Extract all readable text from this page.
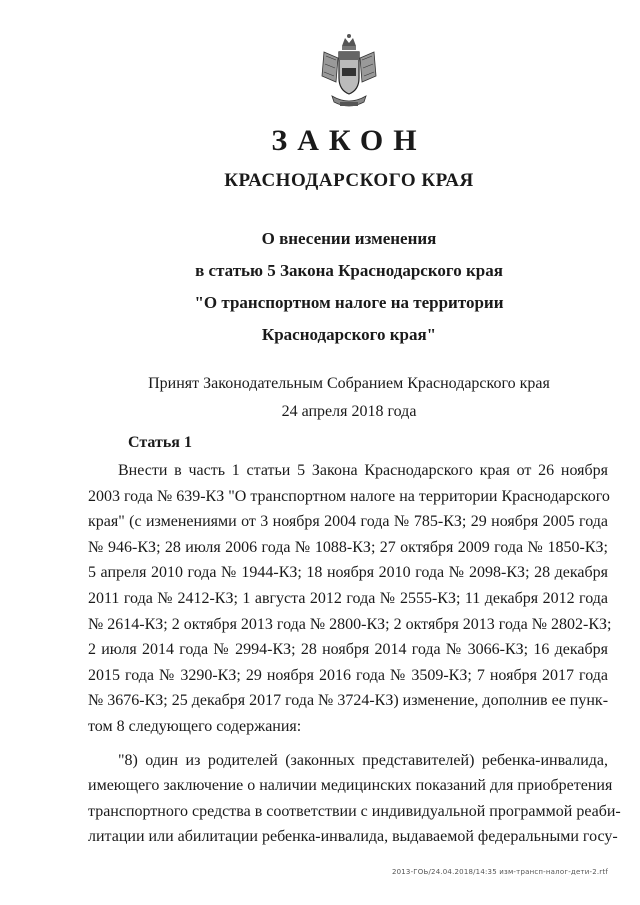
ЗАКОН
КРАСНОДАРСКОГО КРАЯ
О внесении изменения
в статью 5 Закона Краснодарского края
"О транспортном налоге на территории
Краснодарского края"
Принят Законодательным Собранием Краснодарского края
24 апреля 2018 года
Статья 1
Внести в часть 1 статьи 5 Закона Краснодарского края от 26 ноября
2003 года № 639-КЗ "О транспортном налоге на территории Краснодарского
края" (с изменениями от 3 ноября 2004 года № 785-КЗ; 29 ноября 2005 года
№ 946-КЗ; 28 июля 2006 года № 1088-КЗ; 27 октября 2009 года № 1850-КЗ;
5 апреля 2010 года № 1944-КЗ; 18 ноября 2010 года № 2098-КЗ; 28 декабря
2011 года № 2412-КЗ; 1 августа 2012 года № 2555-КЗ; 11 декабря 2012 года
№ 2614-КЗ; 2 октября 2013 года № 2800-КЗ; 2 октября 2013 года № 2802-КЗ;
2 июля 2014 года № 2994-КЗ; 28 ноября 2014 года № 3066-КЗ; 16 декабря
2015 года № 3290-КЗ; 29 ноября 2016 года № 3509-КЗ; 7 ноября 2017 года
№ 3676-КЗ; 25 декабря 2017 года № 3724-КЗ) изменение, дополнив ее пунк-
том 8 следующего содержания:
"8) один из родителей (законных представителей) ребенка-инвалида,
имеющего заключение о наличии медицинских показаний для приобретения
транспортного средства в соответствии с индивидуальной программой реаби-
литации или абилитации ребенка-инвалида, выдаваемой федеральными госу-
2013-ГОЬ/24.04.2018/14:35 изм-трансп-налог-дети-2.rtf
